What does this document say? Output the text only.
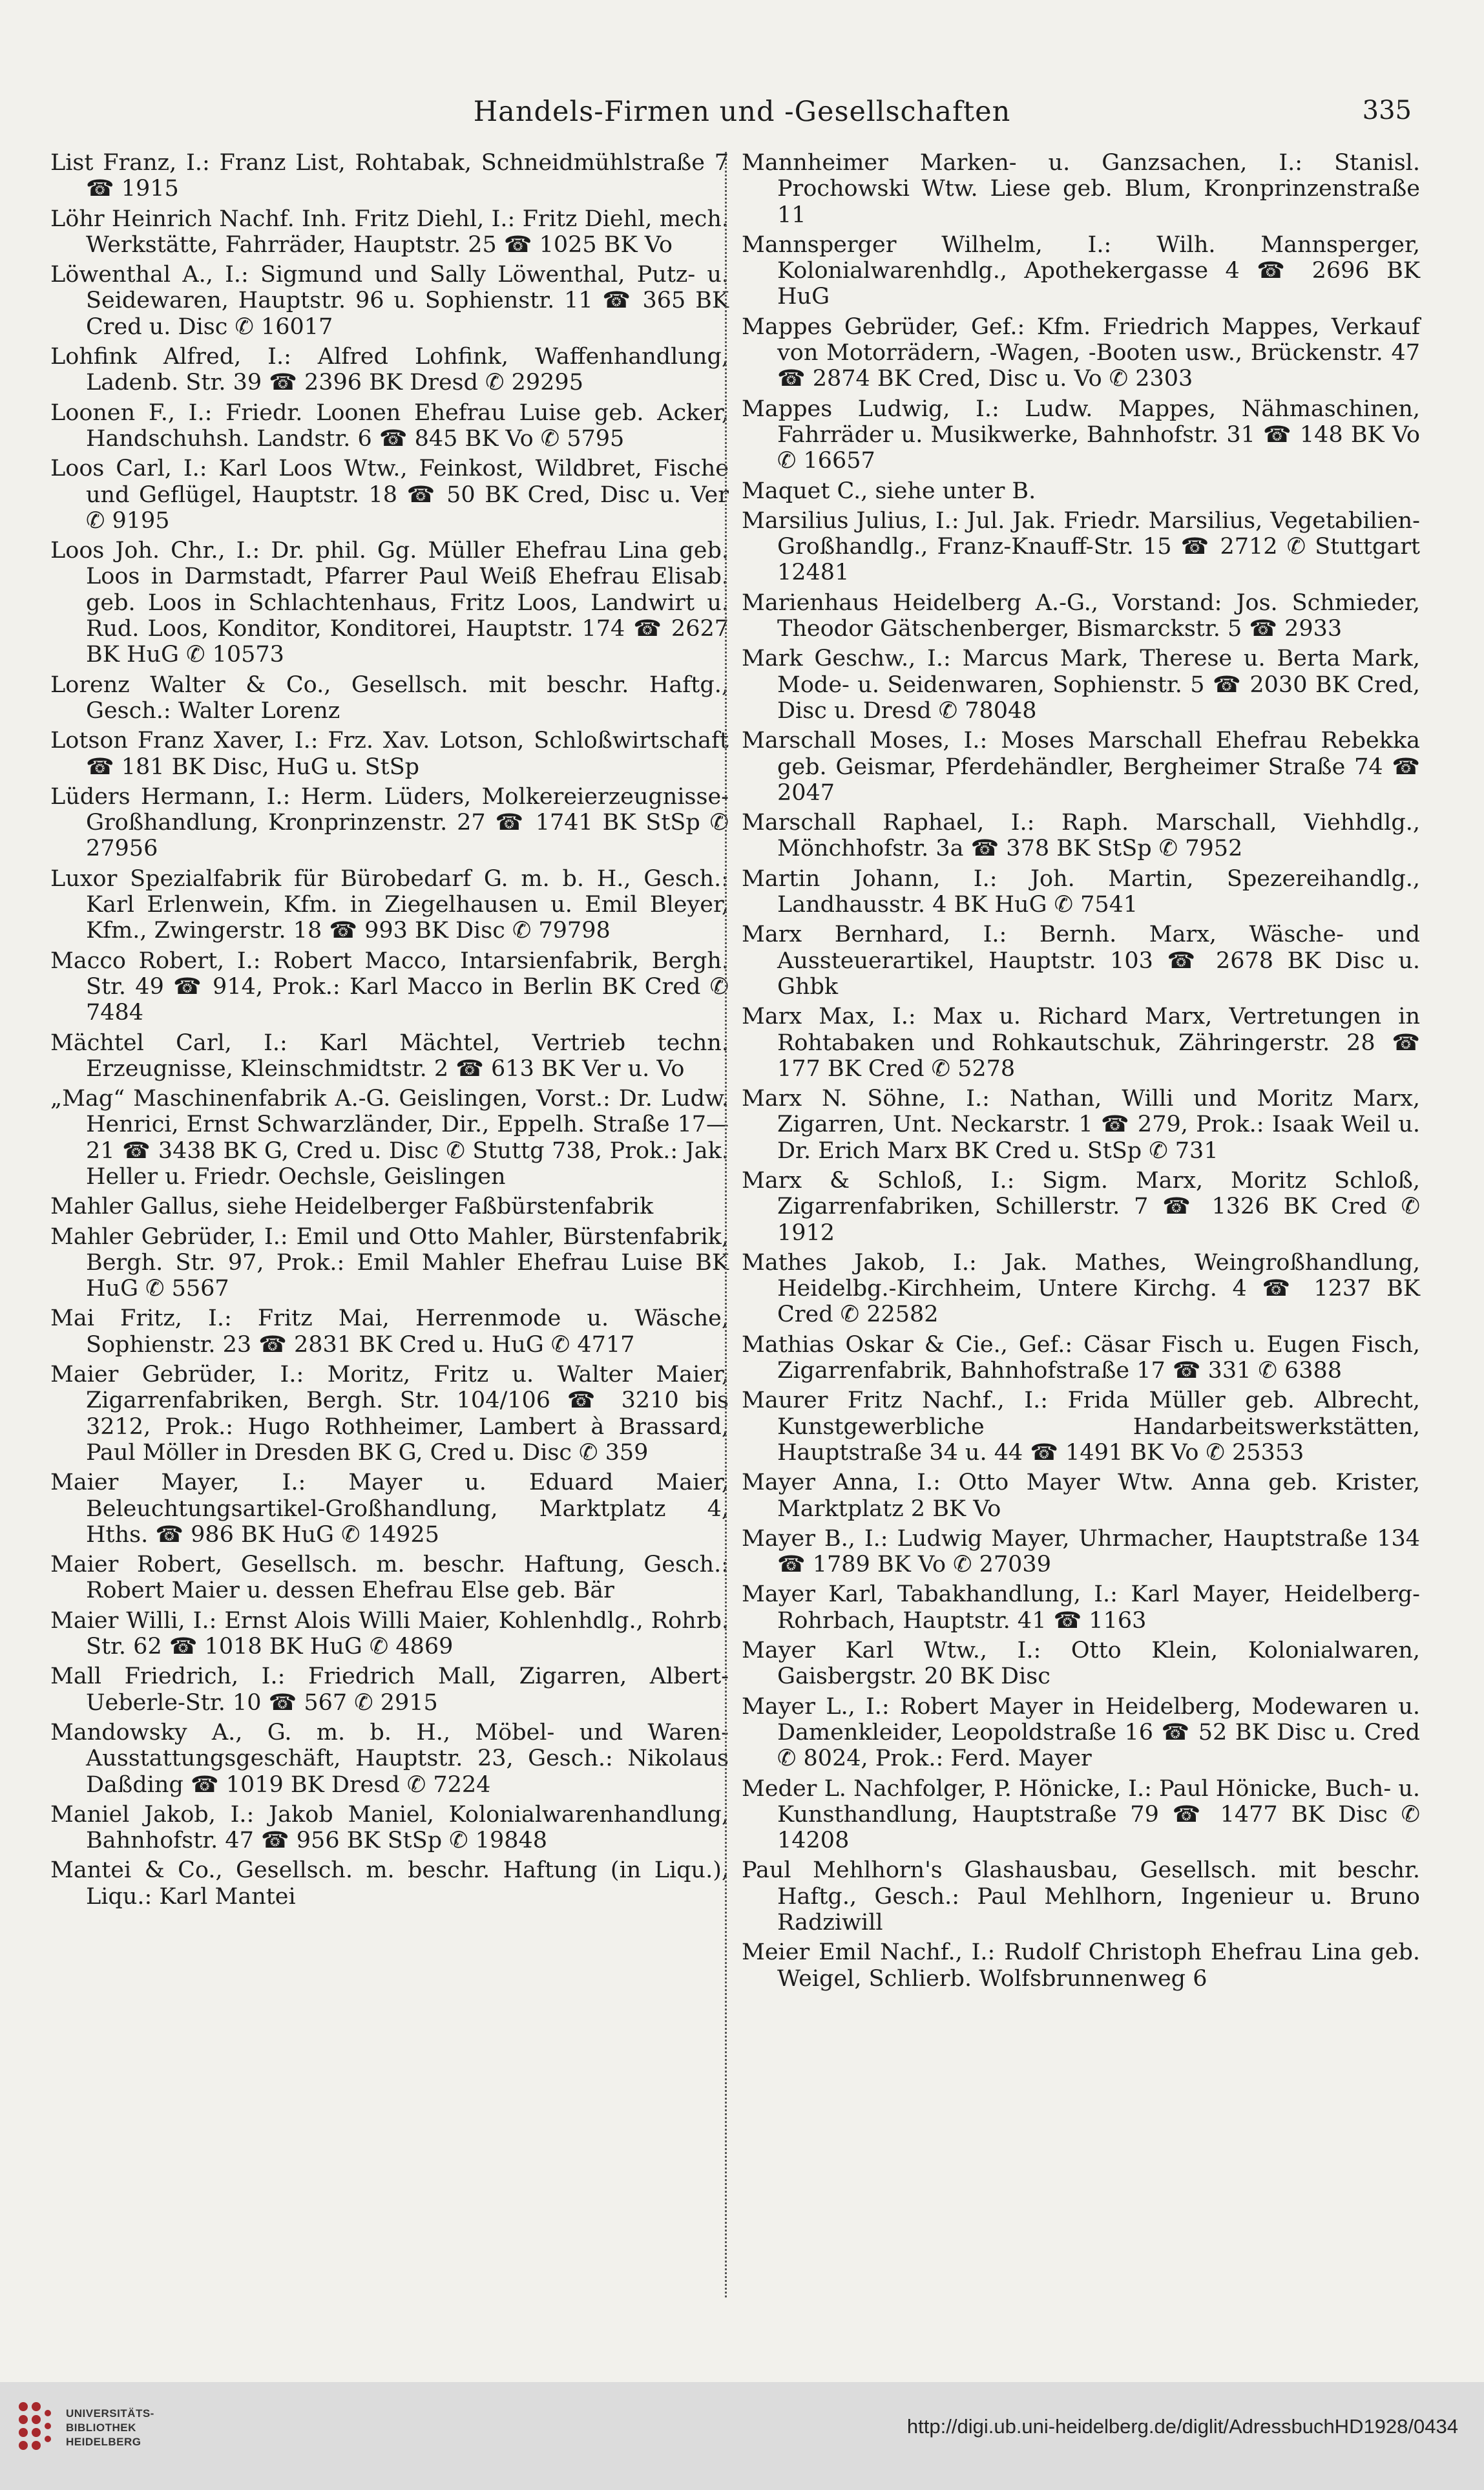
Handels-Firmen und -Gesellschaften	335

List Franz, I.: Franz List, Rohtabak, Schneidmühlstraße 7 ☎ 1915

Löhr Heinrich Nachf. Inh. Fritz Diehl, I.: Fritz Diehl, mech. Werkstätte, Fahrräder, Hauptstr. 25 ☎ 1025 BK Vo

Löwenthal A., I.: Sigmund und Sally Löwenthal, Putz- u. Seidewaren, Hauptstr. 96 u. Sophienstr. 11 ☎ 365 BK Cred u. Disc ✆ 16017

Lohfink Alfred, I.: Alfred Lohfink, Waffenhandlung, Ladenb. Str. 39 ☎ 2396 BK Dresd ✆ 29295

Loonen F., I.: Friedr. Loonen Ehefrau Luise geb. Acker, Handschuhsh. Landstr. 6 ☎ 845 BK Vo ✆ 5795

Loos Carl, I.: Karl Loos Wtw., Feinkost, Wildbret, Fische und Geflügel, Hauptstr. 18 ☎ 50 BK Cred, Disc u. Ver ✆ 9195

Loos Joh. Chr., I.: Dr. phil. Gg. Müller Ehefrau Lina geb. Loos in Darmstadt, Pfarrer Paul Weiß Ehefrau Elisab. geb. Loos in Schlachtenhaus, Fritz Loos, Landwirt u. Rud. Loos, Konditor, Konditorei, Hauptstr. 174 ☎ 2627 BK HuG ✆ 10573

Lorenz Walter & Co., Gesellsch. mit beschr. Haftg., Gesch.: Walter Lorenz

Lotson Franz Xaver, I.: Frz. Xav. Lotson, Schloßwirtschaft ☎ 181 BK Disc, HuG u. StSp

Lüders Hermann, I.: Herm. Lüders, Molkereierzeugnisse-Großhandlung, Kronprinzenstr. 27 ☎ 1741 BK StSp ✆ 27956

Luxor Spezialfabrik für Bürobedarf G. m. b. H., Gesch.: Karl Erlenwein, Kfm. in Ziegelhausen u. Emil Bleyer, Kfm., Zwingerstr. 18 ☎ 993 BK Disc ✆ 79798

Macco Robert, I.: Robert Macco, Intarsienfabrik, Bergh. Str. 49 ☎ 914, Prok.: Karl Macco in Berlin BK Cred ✆ 7484

Mächtel Carl, I.: Karl Mächtel, Vertrieb techn. Erzeugnisse, Kleinschmidtstr. 2 ☎ 613 BK Ver u. Vo

„Mag“ Maschinenfabrik A.-G. Geislingen, Vorst.: Dr. Ludw. Henrici, Ernst Schwarzländer, Dir., Eppelh. Straße 17—21 ☎ 3438 BK G, Cred u. Disc ✆ Stuttg 738, Prok.: Jak. Heller u. Friedr. Oechsle, Geislingen

Mahler Gallus, siehe Heidelberger Faßbürstenfabrik

Mahler Gebrüder, I.: Emil und Otto Mahler, Bürstenfabrik, Bergh. Str. 97, Prok.: Emil Mahler Ehefrau Luise BK HuG ✆ 5567

Mai Fritz, I.: Fritz Mai, Herrenmode u. Wäsche, Sophienstr. 23 ☎ 2831 BK Cred u. HuG ✆ 4717

Maier Gebrüder, I.: Moritz, Fritz u. Walter Maier, Zigarrenfabriken, Bergh. Str. 104/106 ☎ 3210 bis 3212, Prok.: Hugo Rothheimer, Lambert à Brassard, Paul Möller in Dresden BK G, Cred u. Disc ✆ 359

Maier Mayer, I.: Mayer u. Eduard Maier, Beleuchtungsartikel-Großhandlung, Marktplatz 4, Hths. ☎ 986 BK HuG ✆ 14925

Maier Robert, Gesellsch. m. beschr. Haftung, Gesch.: Robert Maier u. dessen Ehefrau Else geb. Bär

Maier Willi, I.: Ernst Alois Willi Maier, Kohlenhdlg., Rohrb. Str. 62 ☎ 1018 BK HuG ✆ 4869

Mall Friedrich, I.: Friedrich Mall, Zigarren, Albert-Ueberle-Str. 10 ☎ 567 ✆ 2915

Mandowsky A., G. m. b. H., Möbel- und Waren-Ausstattungsgeschäft, Hauptstr. 23, Gesch.: Nikolaus Daßding ☎ 1019 BK Dresd ✆ 7224

Maniel Jakob, I.: Jakob Maniel, Kolonialwarenhandlung, Bahnhofstr. 47 ☎ 956 BK StSp ✆ 19848

Mantei & Co., Gesellsch. m. beschr. Haftung (in Liqu.), Liqu.: Karl Mantei

Mannheimer Marken- u. Ganzsachen, I.: Stanisl. Prochowski Wtw. Liese geb. Blum, Kronprinzenstraße 11

Mannsperger Wilhelm, I.: Wilh. Mannsperger, Kolonialwarenhdlg., Apothekergasse 4 ☎ 2696 BK HuG

Mappes Gebrüder, Gef.: Kfm. Friedrich Mappes, Verkauf von Motorrädern, -Wagen, -Booten usw., Brückenstr. 47 ☎ 2874 BK Cred, Disc u. Vo ✆ 2303

Mappes Ludwig, I.: Ludw. Mappes, Nähmaschinen, Fahrräder u. Musikwerke, Bahnhofstr. 31 ☎ 148 BK Vo ✆ 16657

Maquet C., siehe unter B.

Marsilius Julius, I.: Jul. Jak. Friedr. Marsilius, Vegetabilien-Großhandlg., Franz-Knauff-Str. 15 ☎ 2712 ✆ Stuttgart 12481

Marienhaus Heidelberg A.-G., Vorstand: Jos. Schmieder, Theodor Gätschenberger, Bismarckstr. 5 ☎ 2933

Mark Geschw., I.: Marcus Mark, Therese u. Berta Mark, Mode- u. Seidenwaren, Sophienstr. 5 ☎ 2030 BK Cred, Disc u. Dresd ✆ 78048

Marschall Moses, I.: Moses Marschall Ehefrau Rebekka geb. Geismar, Pferdehändler, Bergheimer Straße 74 ☎ 2047

Marschall Raphael, I.: Raph. Marschall, Viehhdlg., Mönchhofstr. 3a ☎ 378 BK StSp ✆ 7952

Martin Johann, I.: Joh. Martin, Spezereihandlg., Landhausstr. 4 BK HuG ✆ 7541

Marx Bernhard, I.: Bernh. Marx, Wäsche- und Aussteuerartikel, Hauptstr. 103 ☎ 2678 BK Disc u. Ghbk

Marx Max, I.: Max u. Richard Marx, Vertretungen in Rohtabaken und Rohkautschuk, Zähringerstr. 28 ☎ 177 BK Cred ✆ 5278

Marx N. Söhne, I.: Nathan, Willi und Moritz Marx, Zigarren, Unt. Neckarstr. 1 ☎ 279, Prok.: Isaak Weil u. Dr. Erich Marx BK Cred u. StSp ✆ 731

Marx & Schloß, I.: Sigm. Marx, Moritz Schloß, Zigarrenfabriken, Schillerstr. 7 ☎ 1326 BK Cred ✆ 1912

Mathes Jakob, I.: Jak. Mathes, Weingroßhandlung, Heidelbg.-Kirchheim, Untere Kirchg. 4 ☎ 1237 BK Cred ✆ 22582

Mathias Oskar & Cie., Gef.: Cäsar Fisch u. Eugen Fisch, Zigarrenfabrik, Bahnhofstraße 17 ☎ 331 ✆ 6388

Maurer Fritz Nachf., I.: Frida Müller geb. Albrecht, Kunstgewerbliche Handarbeitswerkstätten, Hauptstraße 34 u. 44 ☎ 1491 BK Vo ✆ 25353

Mayer Anna, I.: Otto Mayer Wtw. Anna geb. Krister, Marktplatz 2 BK Vo

Mayer B., I.: Ludwig Mayer, Uhrmacher, Hauptstraße 134 ☎ 1789 BK Vo ✆ 27039

Mayer Karl, Tabakhandlung, I.: Karl Mayer, Heidelberg-Rohrbach, Hauptstr. 41 ☎ 1163

Mayer Karl Wtw., I.: Otto Klein, Kolonialwaren, Gaisbergstr. 20 BK Disc

Mayer L., I.: Robert Mayer in Heidelberg, Modewaren u. Damenkleider, Leopoldstraße 16 ☎ 52 BK Disc u. Cred ✆ 8024, Prok.: Ferd. Mayer

Meder L. Nachfolger, P. Hönicke, I.: Paul Hönicke, Buch- u. Kunsthandlung, Hauptstraße 79 ☎ 1477 BK Disc ✆ 14208

Paul Mehlhorn's Glashausbau, Gesellsch. mit beschr. Haftg., Gesch.: Paul Mehlhorn, Ingenieur u. Bruno Radziwill

Meier Emil Nachf., I.: Rudolf Christoph Ehefrau Lina geb. Weigel, Schlierb. Wolfsbrunnenweg 6

UNIVERSITÄTS-
BIBLIOTHEK
HEIDELBERG
http://digi.ub.uni-heidelberg.de/diglit/AdressbuchHD1928/0434
